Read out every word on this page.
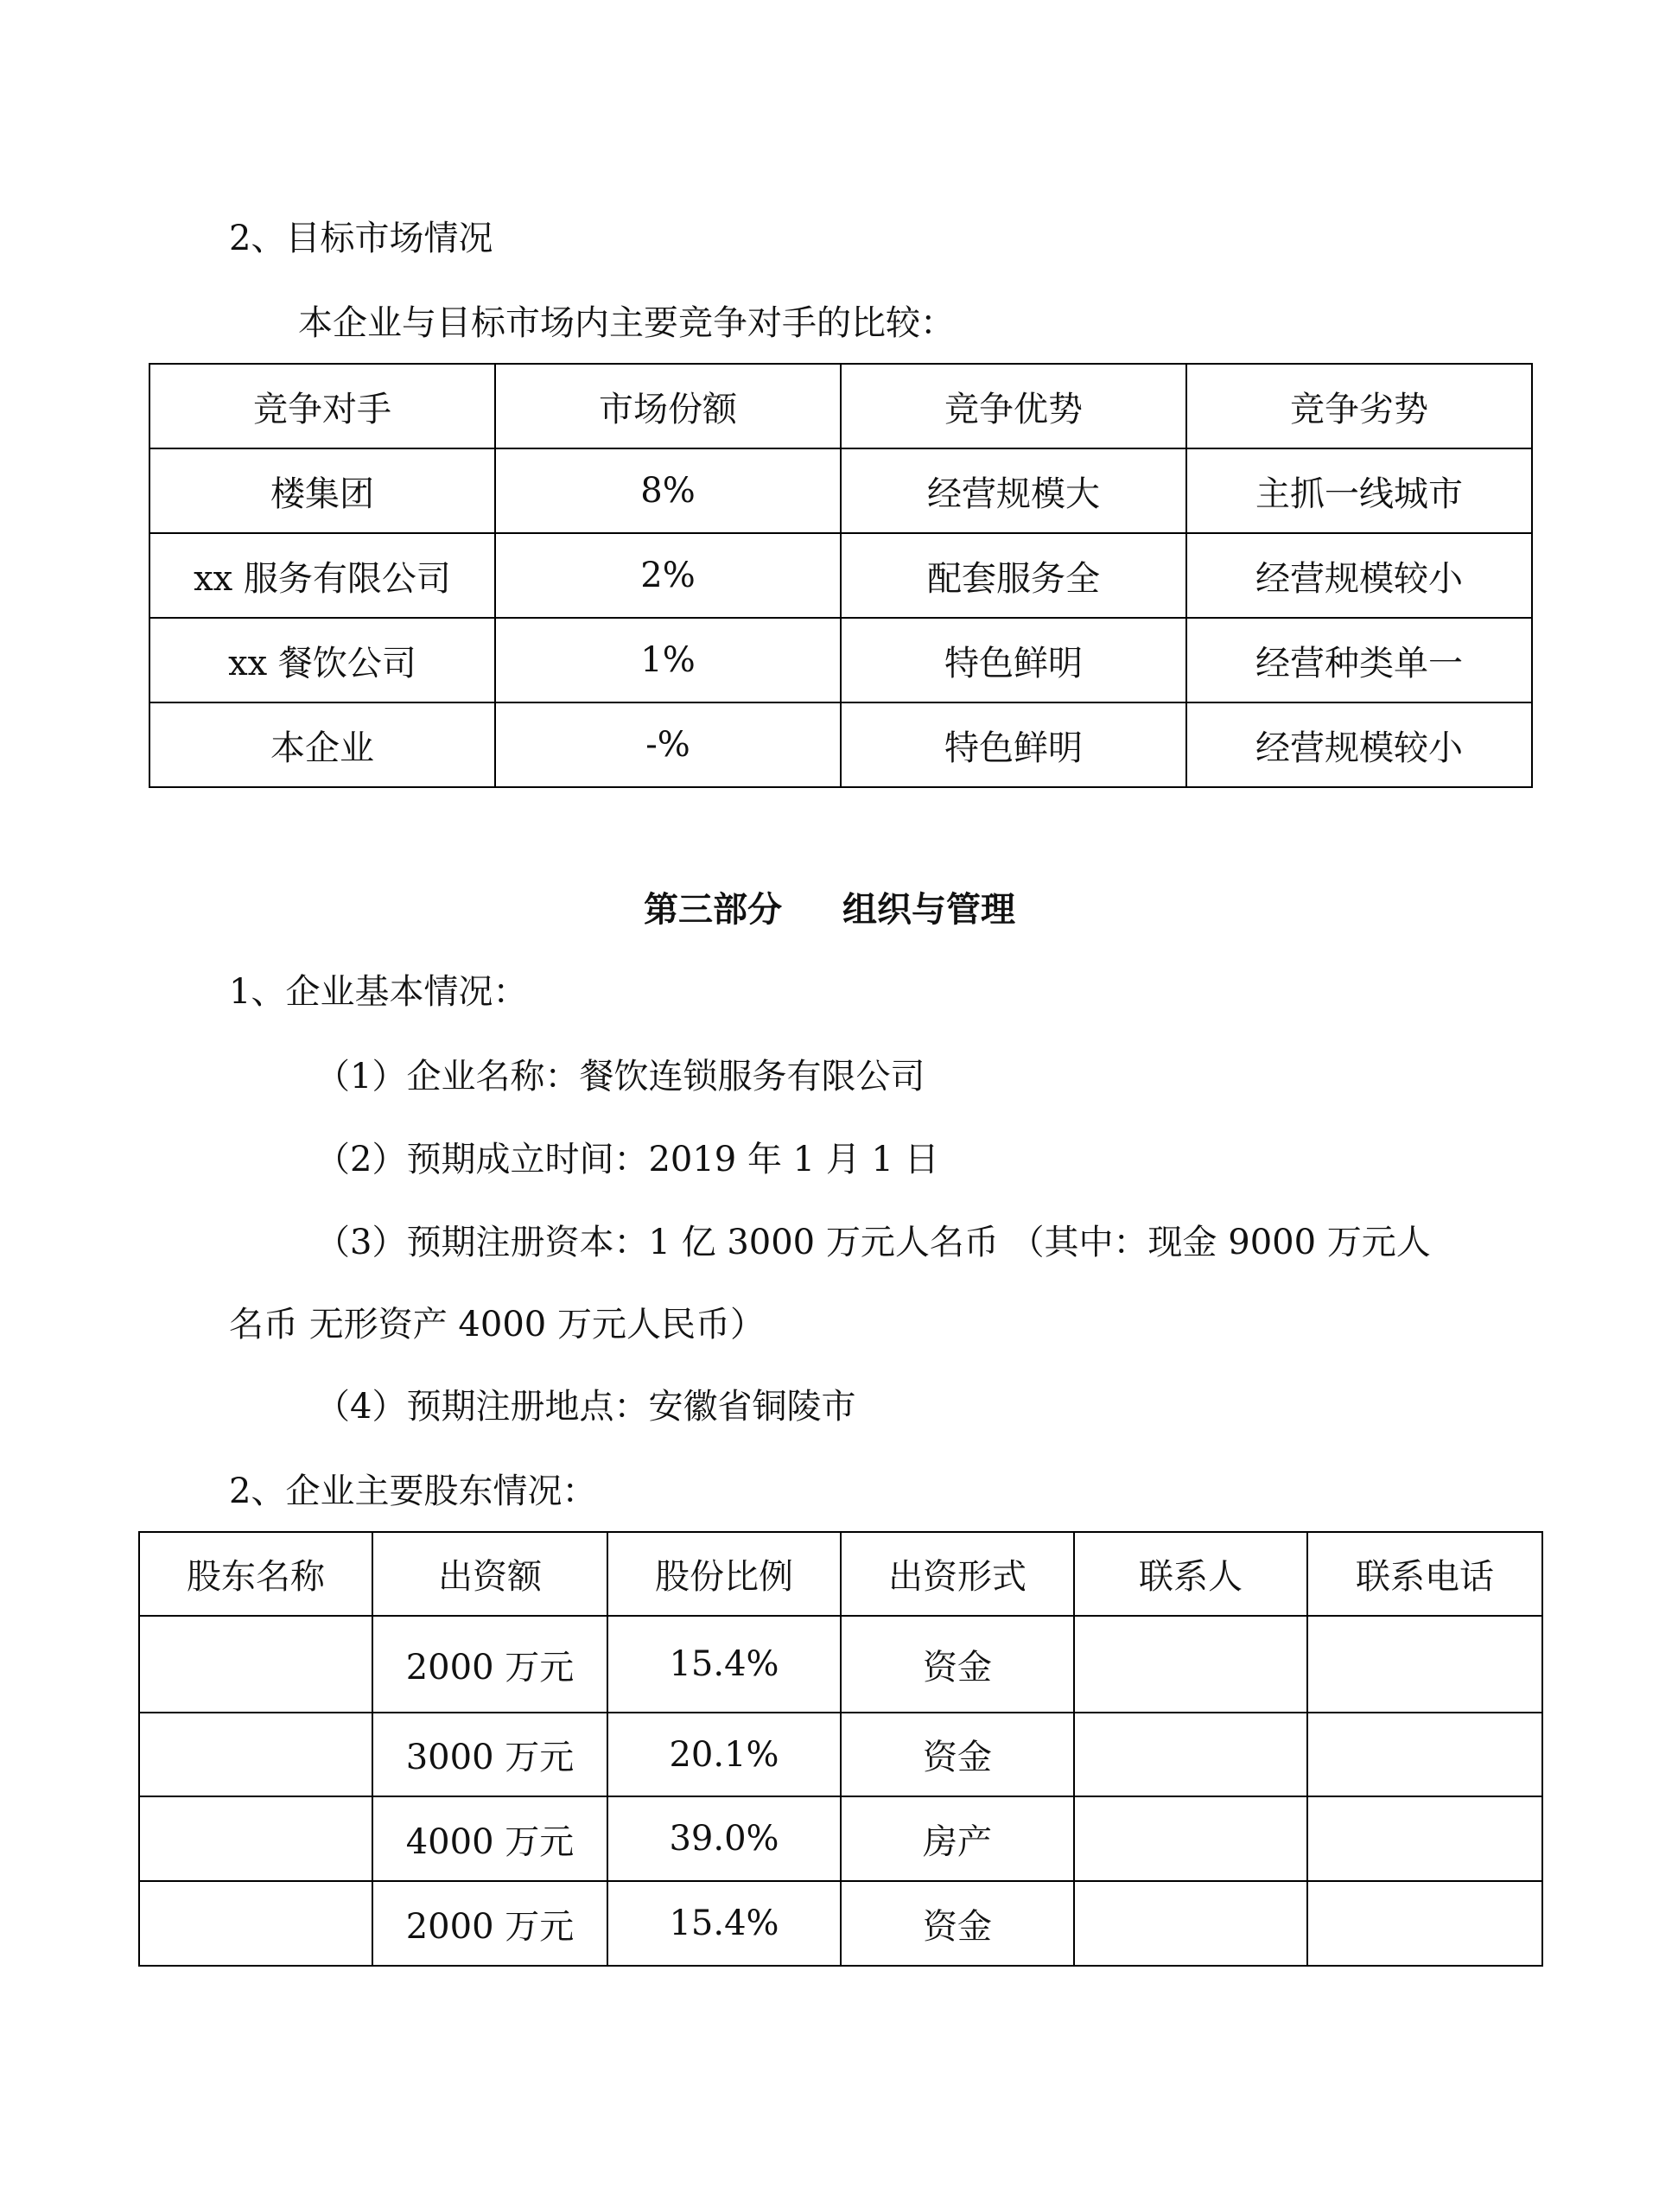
2、目标市场情况

本企业与目标市场内主要竞争对手的比较：

竞争对手	市场份额	竞争优势	竞争劣势
楼集团	8%	经营规模大	主抓一线城市
xx 服务有限公司	2%	配套服务全	经营规模较小
xx 餐饮公司	1%	特色鲜明	经营种类单一
本企业	-%	特色鲜明	经营规模较小

第三部分 组织与管理

1、企业基本情况：

（1）企业名称：餐饮连锁服务有限公司

（2）预期成立时间：2019 年 1 月 1 日

（3）预期注册资本：1 亿 3000 万元人名币 （其中：现金 9000 万元人

名币 无形资产 4000 万元人民币）

（4）预期注册地点：安徽省铜陵市

2、企业主要股东情况：

股东名称	出资额	股份比例	出资形式	联系人	联系电话
	2000 万元	15.4%	资金		
	3000 万元	20.1%	资金		
	4000 万元	39.0%	房产		
	2000 万元	15.4%	资金		
